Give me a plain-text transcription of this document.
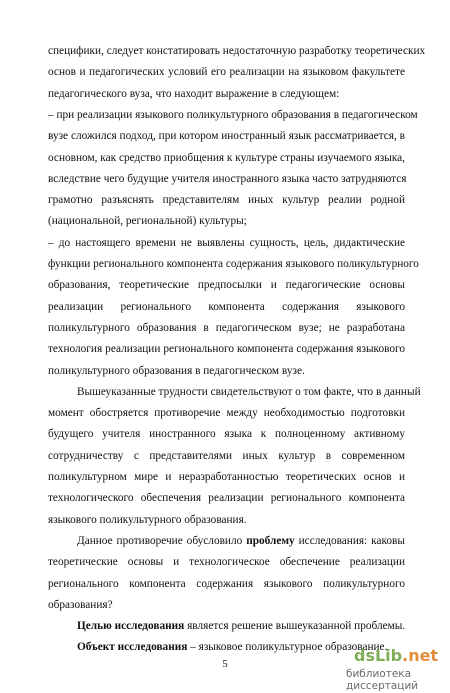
специфики, следует констатировать недостаточную разработку теоретических
основ и педагогических условий его реализации на языковом факультете
педагогического вуза, что находит выражение в следующем:
– при реализации языкового поликультурного образования в педагогическом
вузе сложился подход, при котором иностранный язык рассматривается, в
основном, как средство приобщения к культуре страны изучаемого языка,
вследствие чего будущие учителя иностранного языка часто затрудняются
грамотно разъяснять представителям иных культур реалии родной
(национальной, региональной) культуры;
– до настоящего времени не выявлены сущность, цель, дидактические
функции регионального компонента содержания языкового поликультурного
образования, теоретические предпосылки и педагогические основы
реализации регионального компонента содержания языкового
поликультурного образования в педагогическом вузе; не разработана
технология реализации регионального компонента содержания языкового
поликультурного образования в педагогическом вузе.
Вышеуказанные трудности свидетельствуют о том факте, что в данный
момент обостряется противоречие между необходимостью подготовки
будущего учителя иностранного языка к полноценному активному
сотрудничеству с представителями иных культур в современном
поликультурном мире и неразработанностью теоретических основ и
технологического обеспечения реализации регионального компонента
языкового поликультурного образования.
Данное противоречие обусловило проблему исследования: каковы
теоретические основы и технологическое обеспечение реализации
регионального компонента содержания языкового поликультурного
образования?
Целью исследования является решение вышеуказанной проблемы.
Объект исследования – языковое поликультурное образование.
5	dsLib.net
библиотека диссертаций
